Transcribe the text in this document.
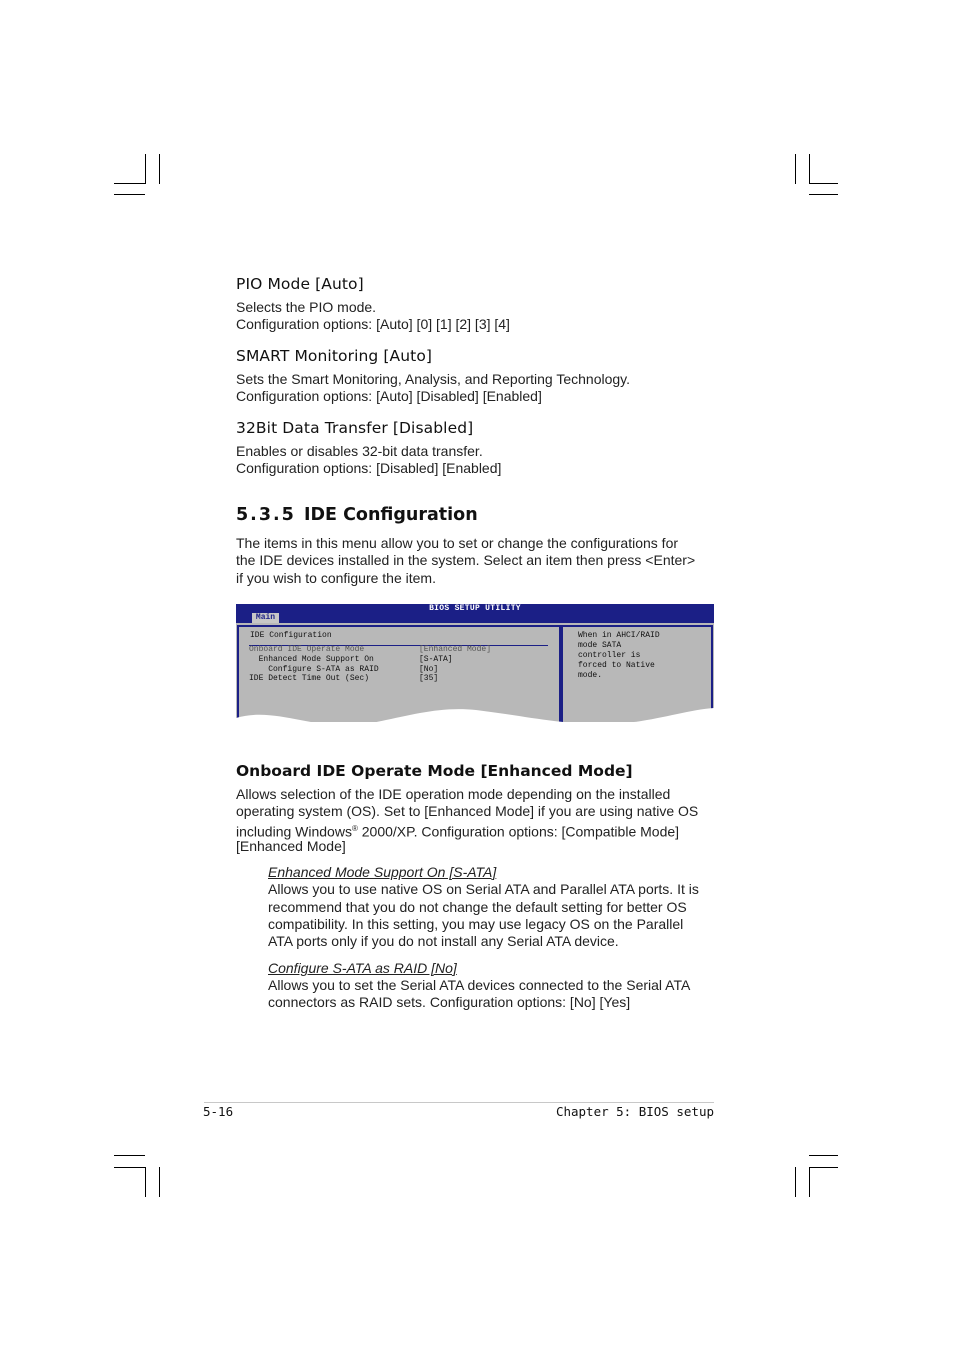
PIO Mode [Auto]

Selects the PIO mode.

Configuration options: [Auto] [0] [1] [2] [3] [4]

SMART Monitoring [Auto]

Sets the Smart Monitoring, Analysis, and Reporting Technology.

Configuration options: [Auto] [Disabled] [Enabled]

32Bit Data Transfer [Disabled]

Enables or disables 32-bit data transfer.

Configuration options: [Disabled] [Enabled]

5.3.5 IDE Configuration

The items in this menu allow you to set or change the configurations for

the IDE devices installed in the system. Select an item then press <Enter>

if you wish to configure the item.

BIOS SETUP UTILITY
Main

IDE Configuration

Onboard IDE Operate Mode	[Enhanced Mode]

Enhanced Mode Support On	[S-ATA]

Configure S-ATA as RAID	[No]

IDE Detect Time Out (Sec)	[35]

When in AHCI/RAID

mode SATA

controller is

forced to Native

mode.

Onboard IDE Operate Mode [Enhanced Mode]

Allows selection of the IDE operation mode depending on the installed

operating system (OS). Set to [Enhanced Mode] if you are using native OS

including Windows® 2000/XP. Configuration options: [Compatible Mode]

[Enhanced Mode]

Enhanced Mode Support On [S-ATA]

Allows you to use native OS on Serial ATA and Parallel ATA ports. It is

recommend that you do not change the default setting for better OS

compatibility. In this setting, you may use legacy OS on the Parallel

ATA ports only if you do not install any Serial ATA device.

Configure S-ATA as RAID [No]

Allows you to set the Serial ATA devices connected to the Serial ATA

connectors as RAID sets. Configuration options: [No] [Yes]

5-16	Chapter 5: BIOS setup
